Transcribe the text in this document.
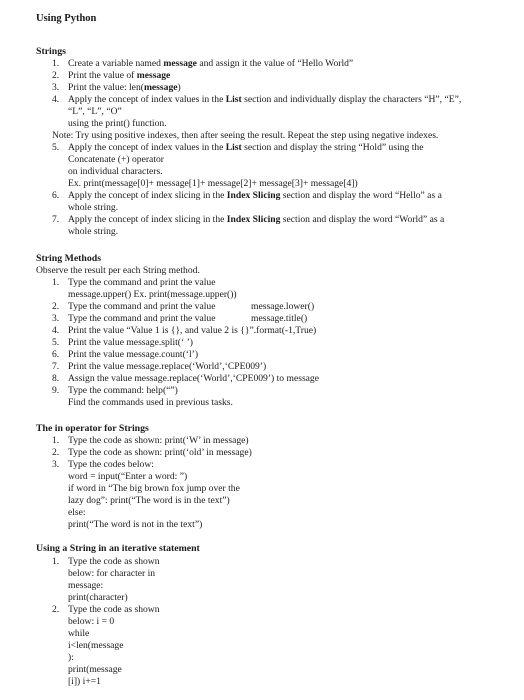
Using Python
Strings
1. Create a variable named message and assign it the value of “Hello World”
2. Print the value of message
3. Print the value: len(message)
4. Apply the concept of index values in the List section and individually display the characters “H”, “E”,
“L”, “L”, “O”
using the print() function.
Note: Try using positive indexes, then after seeing the result. Repeat the step using negative indexes.
5. Apply the concept of index values in the List section and display the string “Hold” using the
Concatenate (+) operator
on individual characters.
Ex. print(message[0]+ message[1]+ message[2]+ message[3]+ message[4])
6. Apply the concept of index slicing in the Index Slicing section and display the word “Hello” as a
whole string.
7. Apply the concept of index slicing in the Index Slicing section and display the word “World” as a
whole string.
String Methods
Observe the result per each String method.
1. Type the command and print the value
message.upper() Ex. print(message.upper())
2. Type the command and print the value	message.lower()
3. Type the command and print the value	message.title()
4. Print the value “Value 1 is {}, and value 2 is {}”.format(-1,True)
5. Print the value message.split(‘ ’)
6. Print the value message.count(‘l’)
7. Print the value message.replace(‘World’,‘CPE009’)
8. Assign the value message.replace(‘World’,‘CPE009’) to message
9. Type the command: help(“”)
Find the commands used in previous tasks.
The in operator for Strings
1. Type the code as shown: print(‘W’ in message)
2. Type the code as shown: print(‘old’ in message)
3. Type the codes below:
word = input(“Enter a word: ”)
if word in “The big brown fox jump over the
lazy dog”: print(“The word is in the text”)
else:
print(“The word is not in the text”)
Using a String in an iterative statement
1. Type the code as shown
below: for character in
message:
print(character)
2. Type the code as shown
below: i = 0
while
i<len(message
):
print(message
[i]) i+=1
